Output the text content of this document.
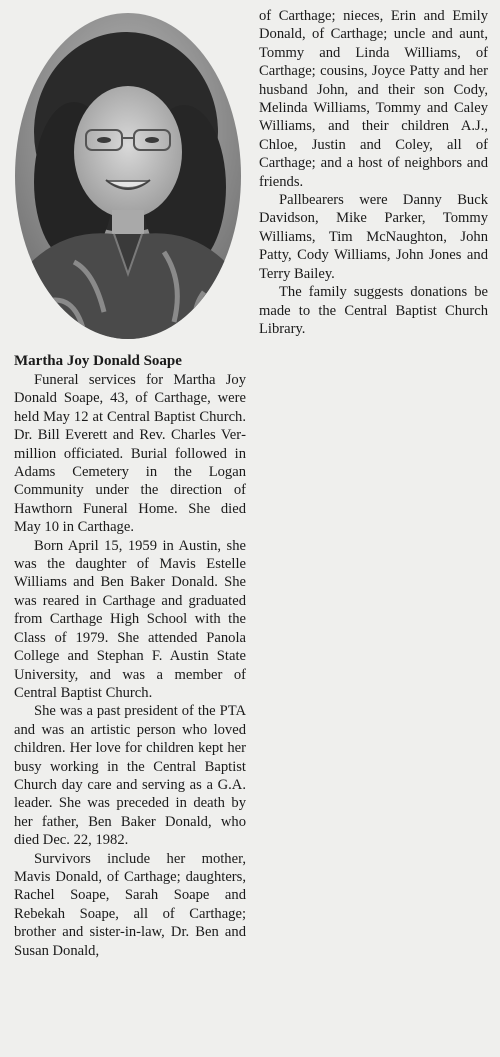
Martha Joy Donald Soape

Funeral services for Martha Joy Donald Soape, 43, of Carthage, were held May 12 at Central Baptist Church. Dr. Bill Everett and Rev. Charles Vermillion officiated. Burial followed in Adams Cemetery in the Logan Community under the direction of Hawthorn Funeral Home. She died May 10 in Carthage.

Born April 15, 1959 in Austin, she was the daughter of Mavis Estelle Williams and Ben Baker Donald. She was reared in Carthage and graduated from Carthage High School with the Class of 1979. She attended Panola College and Stephan F. Austin State University, and was a member of Central Baptist Church.

She was a past president of the PTA and was an artistic person who loved children. Her love for children kept her busy working in the Central Baptist Church day care and serving as a G.A. leader. She was preceded in death by her father, Ben Baker Donald, who died Dec. 22, 1982.

Survivors include her mother, Mavis Donald, of Carthage; daughters, Rachel Soape, Sarah Soape and Rebekah Soape, all of Carthage; brother and sister-in-law, Dr. Ben and Susan Donald,

of Carthage; nieces, Erin and Emily Donald, of Carthage; uncle and aunt, Tommy and Linda Williams, of Carthage; cousins, Joyce Patty and her husband John, and their son Cody, Melinda Williams, Tommy and Caley Williams, and their children A.J., Chloe, Justin and Coley, all of Carthage; and a host of neighbors and friends.

Pallbearers were Danny Buck Davidson, Mike Parker, Tommy Williams, Tim McNaughton, John Patty, Cody Williams, John Jones and Terry Bailey.

The family suggests donations be made to the Central Baptist Church Library.
